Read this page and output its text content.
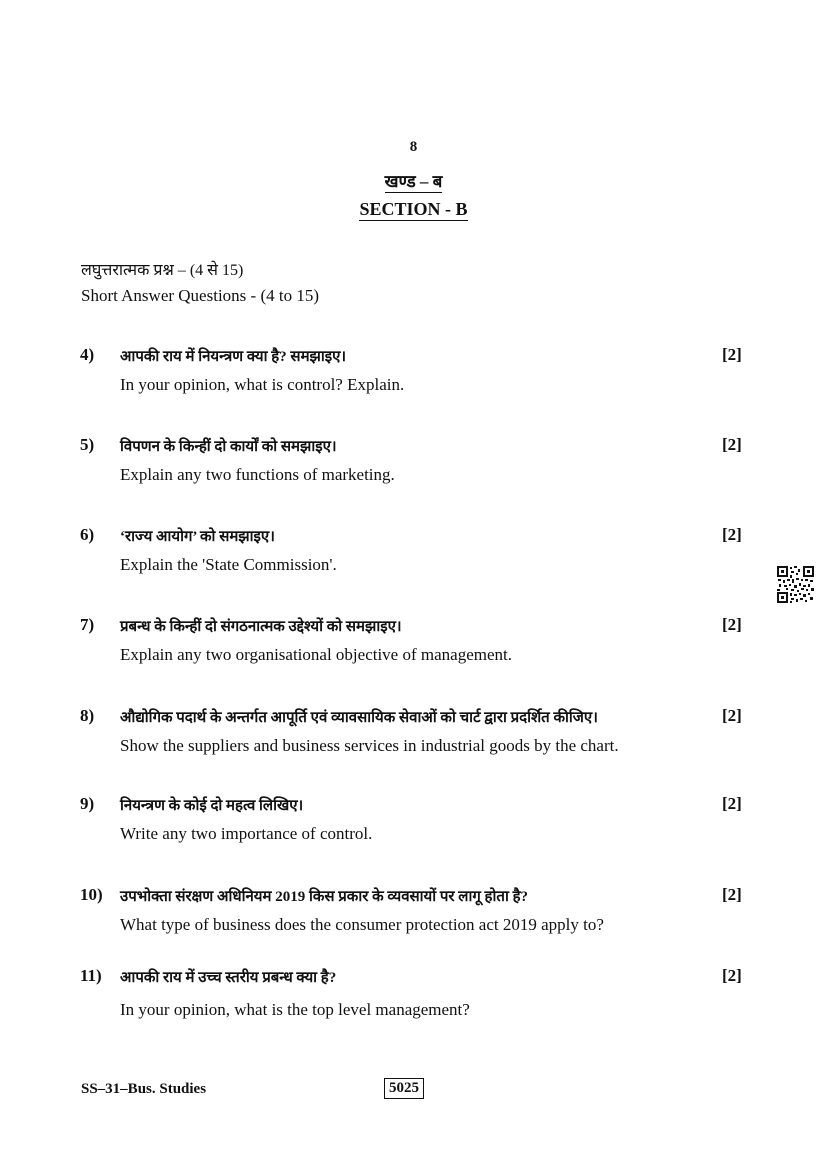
8
खण्ड – ब
SECTION - B
लघुत्तरात्मक प्रश्न – (4 से 15)
Short Answer Questions - (4 to 15)
4) आपकी राय में नियन्त्रण क्या है? समझाइए।
In your opinion, what is control? Explain.
[2]
5) विपणन के किन्हीं दो कार्यों को समझाइए।
Explain any two functions of marketing.
[2]
6) ‘राज्य आयोग’ को समझाइए।
Explain the 'State Commission'.
[2]
7) प्रबन्ध के किन्हीं दो संगठनात्मक उद्देश्यों को समझाइए।
Explain any two organisational objective of management.
[2]
8) औद्योगिक पदार्थ के अन्तर्गत आपूर्ति एवं व्यावसायिक सेवाओं को चार्ट द्वारा प्रदर्शित कीजिए।
Show the suppliers and business services in industrial goods by the chart.
[2]
9) नियन्त्रण के कोई दो महत्व लिखिए।
Write any two importance of control.
[2]
10) उपभोक्ता संरक्षण अधिनियम 2019 किस प्रकार के व्यवसायों पर लागू होता है?
What type of business does the consumer protection act 2019 apply to?
[2]
11) आपकी राय में उच्च स्तरीय प्रबन्ध क्या है?
In your opinion, what is the top level management?
[2]
SS–31–Bus. Studies	5025
